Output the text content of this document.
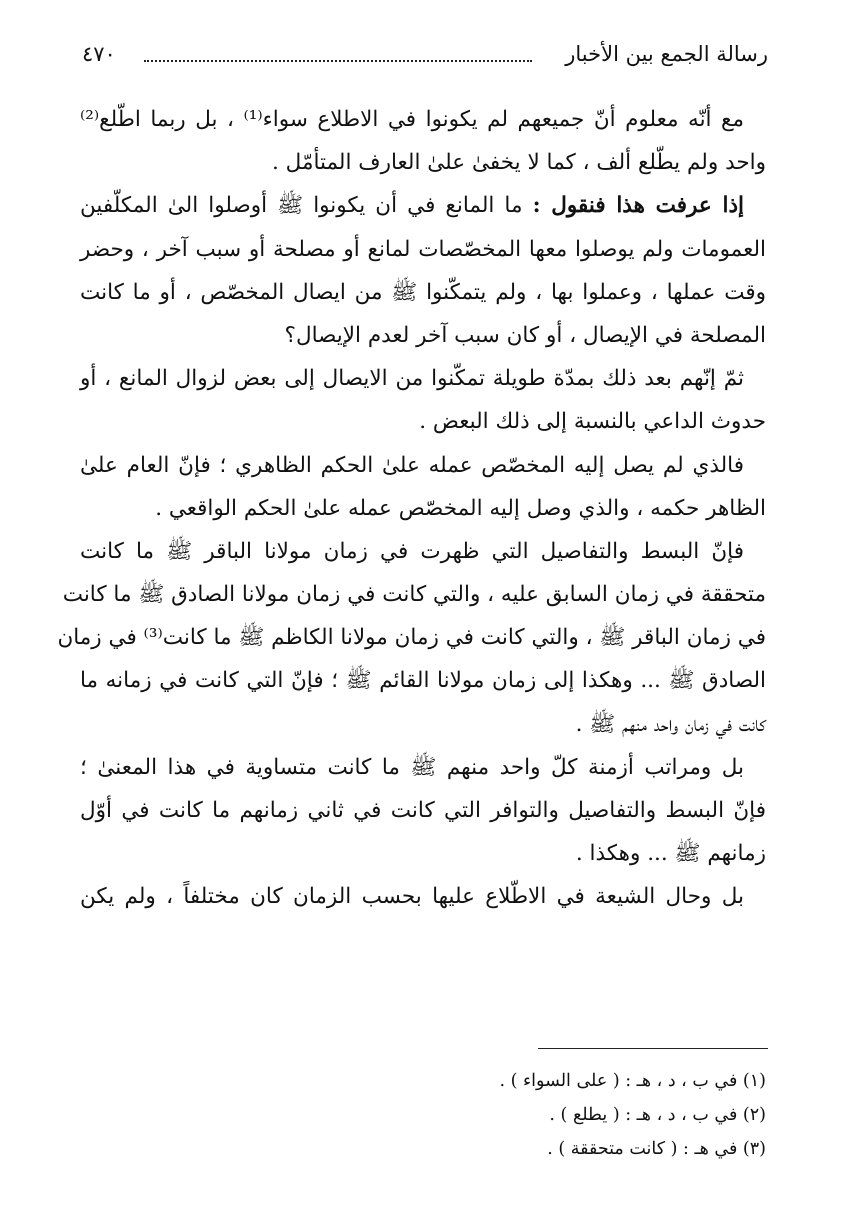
رسالة الجمع بين الأخبار
٤٧٠
مع أنّه معلوم أنّ جميعهم لم يكونوا في الاطلاع سواء⁽¹⁾ ، بل ربما اطّلع⁽²⁾
واحد ولم يطّلع ألف ، كما لا يخفىٰ علىٰ العارف المتأمّل .
إذا عرفت هذا فنقول : ما المانع في أن يكونوا ﷺ أوصلوا الىٰ المكلّفين
العمومات ولم يوصلوا معها المخصّصات لمانع أو مصلحة أو سبب آخر ، وحضر
وقت عملها ، وعملوا بها ، ولم يتمكّنوا ﷺ من ايصال المخصّص ، أو ما كانت
المصلحة في الإيصال ، أو كان سبب آخر لعدم الإيصال؟
ثمّ إنّهم بعد ذلك بمدّة طويلة تمكّنوا من الايصال إلى بعض لزوال المانع ، أو
حدوث الداعي بالنسبة إلى ذلك البعض .
فالذي لم يصل إليه المخصّص عمله علىٰ الحكم الظاهري ؛ فإنّ العام علىٰ
الظاهر حكمه ، والذي وصل إليه المخصّص عمله علىٰ الحكم الواقعي .
فإنّ البسط والتفاصيل التي ظهرت في زمان مولانا الباقر ﷺ ما كانت
متحققة في زمان السابق عليه ، والتي كانت في زمان مولانا الصادق ﷺ ما كانت
في زمان الباقر ﷺ ، والتي كانت في زمان مولانا الكاظم ﷺ ما كانت⁽³⁾ في زمان
الصادق ﷺ ... وهكذا إلى زمان مولانا القائم ﷺ ؛ فإنّ التي كانت في زمانه ما
كانت في زمان واحد منهم ﷺ .
بل ومراتب أزمنة كلّ واحد منهم ﷺ ما كانت متساوية في هذا المعنىٰ ؛
فإنّ البسط والتفاصيل والتوافر التي كانت في ثاني زمانهم ما كانت في أوّل
زمانهم ﷺ ... وهكذا .
بل وحال الشيعة في الاطّلاع عليها بحسب الزمان كان مختلفاً ، ولم يكن
(١) في ب ، د ، هـ : ( على السواء ) .
(٢) في ب ، د ، هـ : ( يطلع ) .
(٣) في هـ : ( كانت متحققة ) .
